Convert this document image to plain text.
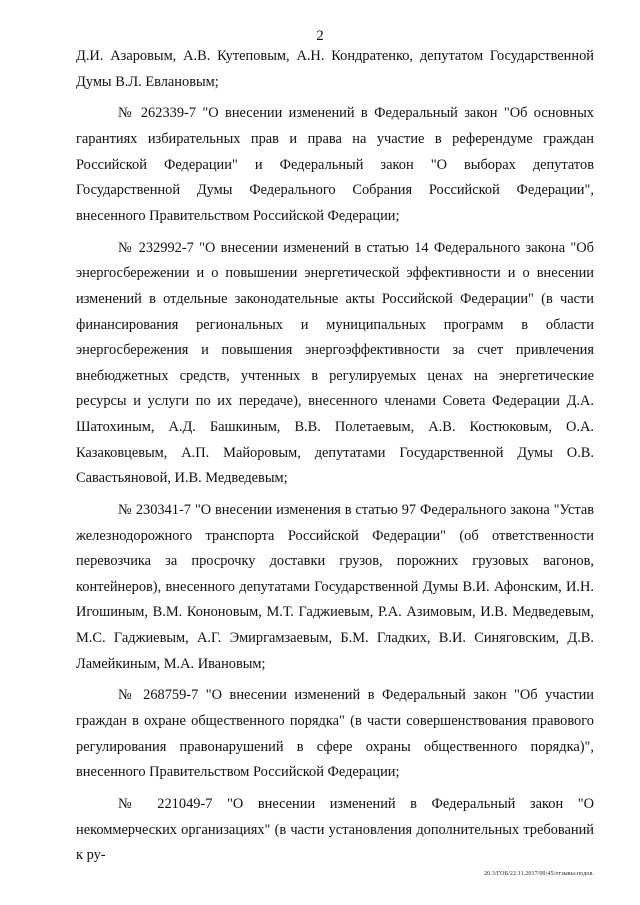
2

Д.И. Азаровым, А.В. Кутеповым, А.Н. Кондратенко, депутатом Государственной Думы В.Л. Евлановым;

№ 262339-7 "О внесении изменений в Федеральный закон "Об основных гарантиях избирательных прав и права на участие в референдуме граждан Российской Федерации" и Федеральный закон "О выборах депутатов Государственной Думы Федерального Собрания Российской Федерации", внесенного Правительством Российской Федерации;

№ 232992-7 "О внесении изменений в статью 14 Федерального закона "Об энергосбережении и о повышении энергетической эффективности и о внесении изменений в отдельные законодательные акты Российской Федерации" (в части финансирования региональных и муниципальных программ в области энергосбережения и повышения энергоэффективности за счет привлечения внебюджетных средств, учтенных в регулируемых ценах на энергетические ресурсы и услуги по их передаче), внесенного членами Совета Федерации Д.А. Шатохиным, А.Д. Башкиным, В.В. Полетаевым, А.В. Костюковым, О.А. Казаковцевым, А.П. Майоровым, депутатами Государственной Думы О.В. Савастьяновой, И.В. Медведевым;

№ 230341-7 "О внесении изменения в статью 97 Федерального закона "Устав железнодорожного транспорта Российской Федерации" (об ответственности перевозчика за просрочку доставки грузов, порожних грузовых вагонов, контейнеров), внесенного депутатами Государственной Думы В.И. Афонским, И.Н. Игошиным, В.М. Кононовым, М.Т. Гаджиевым, Р.А. Азимовым, И.В. Медведевым, М.С. Гаджиевым, А.Г. Эмиргамзаевым, Б.М. Гладких, В.И. Синяговским, Д.В. Ламейкиным, М.А. Ивановым;

№ 268759-7 "О внесении изменений в Федеральный закон "Об участии граждан в охране общественного порядка" (в части совершенствования правового регулирования правонарушений в сфере охраны общественного порядка)", внесенного Правительством Российской Федерации;

№ 221049-7 "О внесении изменений в Федеральный закон "О некоммерческих организациях" (в части установления дополнительных требований к ру-

20.3/ГОБ/22.11.2017/09:45/отзывы-подов.
